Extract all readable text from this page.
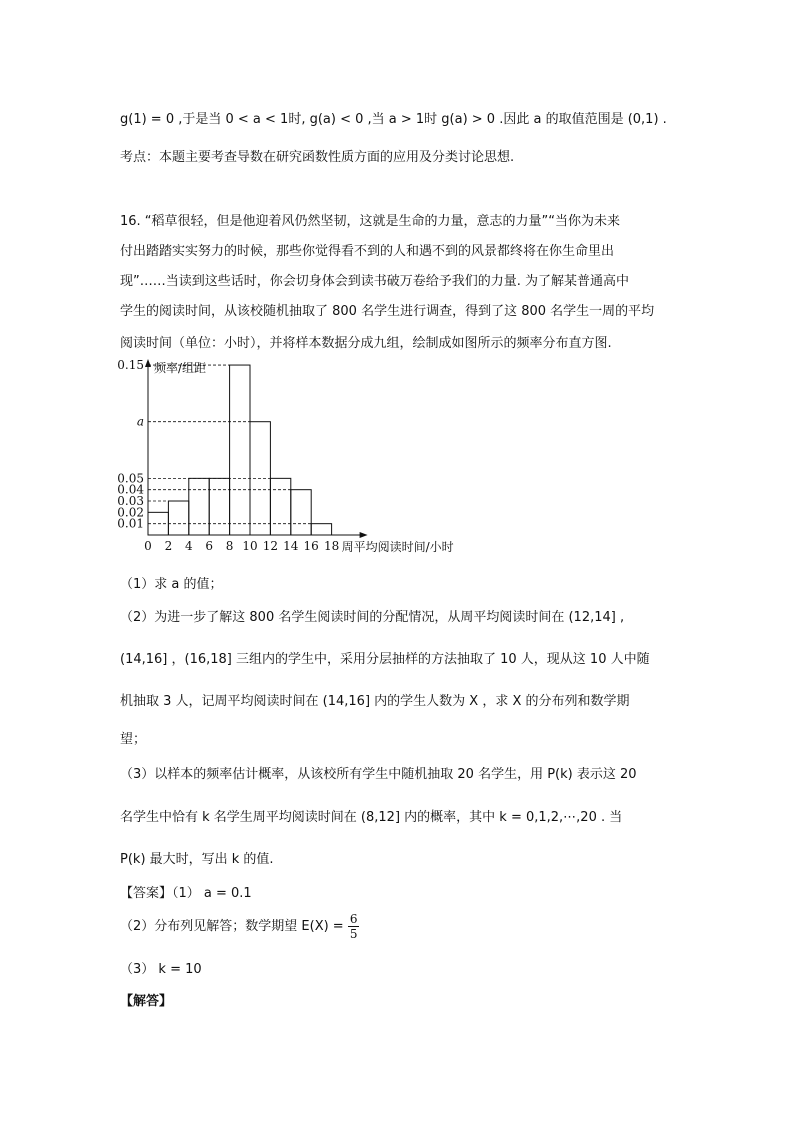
g(1) = 0 ,于是当 0 < a < 1时, g(a) < 0 ,当 a > 1时 g(a) > 0 .因此 a 的取值范围是 (0,1) .
考点：本题主要考查导数在研究函数性质方面的应用及分类讨论思想.
16. “稻草很轻，但是他迎着风仍然坚韧，这就是生命的力量，意志的力量”“当你为未来
付出踏踏实实努力的时候，那些你觉得看不到的人和遇不到的风景都终将在你生命里出
现”……当读到这些话时，你会切身体会到读书破万卷给予我们的力量. 为了解某普通高中
学生的阅读时间，从该校随机抽取了 800 名学生进行调查，得到了这 800 名学生一周的平均
阅读时间（单位：小时），并将样本数据分成九组，绘制成如图所示的频率分布直方图.
0.15
a
0.05
0.04
0.03
0.02
0.01
0 2 4 6 8 10 12 14 16 18
频率/组距
周平均阅读时间/小时
（1）求 a 的值；
（2）为进一步了解这 800 名学生阅读时间的分配情况，从周平均阅读时间在 (12,14] ,
(14,16] ，(16,18] 三组内的学生中，采用分层抽样的方法抽取了 10 人，现从这 10 人中随
机抽取 3 人，记周平均阅读时间在 (14,16] 内的学生人数为 X ，求 X 的分布列和数学期
望；
（3）以样本的频率估计概率，从该校所有学生中随机抽取 20 名学生，用 P(k) 表示这 20
名学生中恰有 k 名学生周平均阅读时间在 (8,12] 内的概率，其中 k = 0,1,2,⋯,20 . 当
P(k) 最大时，写出 k 的值.
【答案】（1） a = 0.1
（2）分布列见解答；数学期望 $E(X) = \frac{6}{5}$
（3） k = 10
【解答】
